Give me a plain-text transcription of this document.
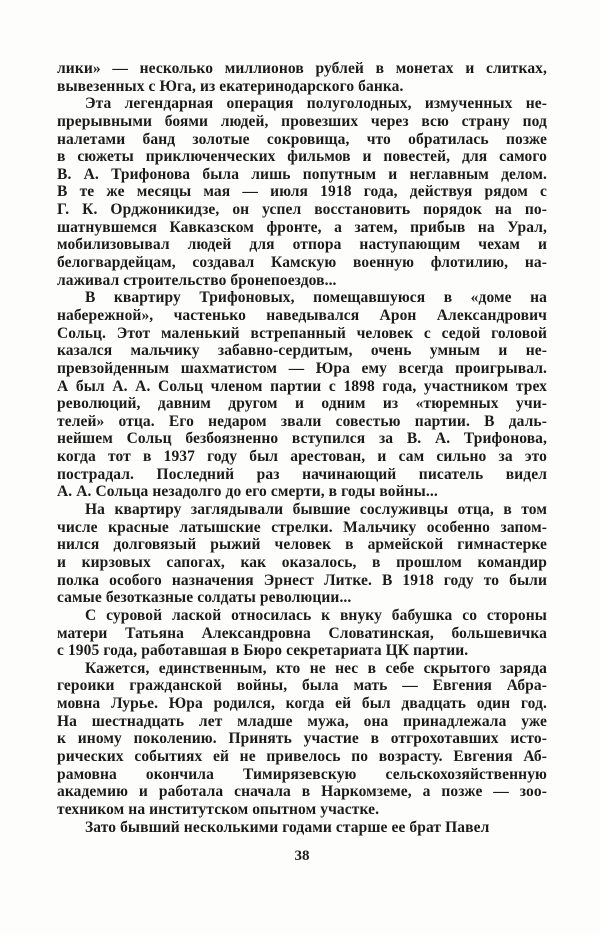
лики» — несколько миллионов рублей в монетах и слитках,
вывезенных с Юга, из екатеринодарского банка.

Эта легендарная операция полуголодных, измученных не-
прерывными боями людей, провезших через всю страну под
налетами банд золотые сокровища, что обратилась позже
в сюжеты приключенческих фильмов и повестей, для самого
В. А. Трифонова была лишь попутным и неглавным делом.
В те же месяцы мая — июля 1918 года, действуя рядом с
Г. К. Орджоникидзе, он успел восстановить порядок на по-
шатнувшемся Кавказском фронте, а затем, прибыв на Урал,
мобилизовывал людей для отпора наступающим чехам и
белогвардейцам, создавал Камскую военную флотилию, на-
лаживал строительство бронепоездов...

В квартиру Трифоновых, помещавшуюся в «доме на
набережной», частенько наведывался Арон Александрович
Сольц. Этот маленький встрепанный человек с седой головой
казался мальчику забавно-сердитым, очень умным и не-
превзойденным шахматистом — Юра ему всегда проигрывал.
А был А. А. Сольц членом партии с 1898 года, участником трех
революций, давним другом и одним из «тюремных учи-
телей» отца. Его недаром звали совестью партии. В даль-
нейшем Сольц безбоязненно вступился за В. А. Трифонова,
когда тот в 1937 году был арестован, и сам сильно за это
пострадал. Последний раз начинающий писатель видел
А. А. Сольца незадолго до его смерти, в годы войны...

На квартиру заглядывали бывшие сослуживцы отца, в том
числе красные латышские стрелки. Мальчику особенно запом-
нился долговязый рыжий человек в армейской гимнастерке
и кирзовых сапогах, как оказалось, в прошлом командир
полка особого назначения Эрнест Литке. В 1918 году то были
самые безотказные солдаты революции...

С суровой лаской относилась к внуку бабушка со стороны
матери Татьяна Александровна Словатинская, большевичка
с 1905 года, работавшая в Бюро секретариата ЦК партии.

Кажется, единственным, кто не нес в себе скрытого заряда
героики гражданской войны, была мать — Евгения Абра-
мовна Лурье. Юра родился, когда ей был двадцать один год.
На шестнадцать лет младше мужа, она принадлежала уже
к иному поколению. Принять участие в отгрохотавших исто-
рических событиях ей не привелось по возрасту. Евгения Аб-
рамовна окончила Тимирязевскую сельскохозяйственную
академию и работала сначала в Наркомземе, а позже — зоо-
техником на институтском опытном участке.

Зато бывший несколькими годами старше ее брат Павел

38
